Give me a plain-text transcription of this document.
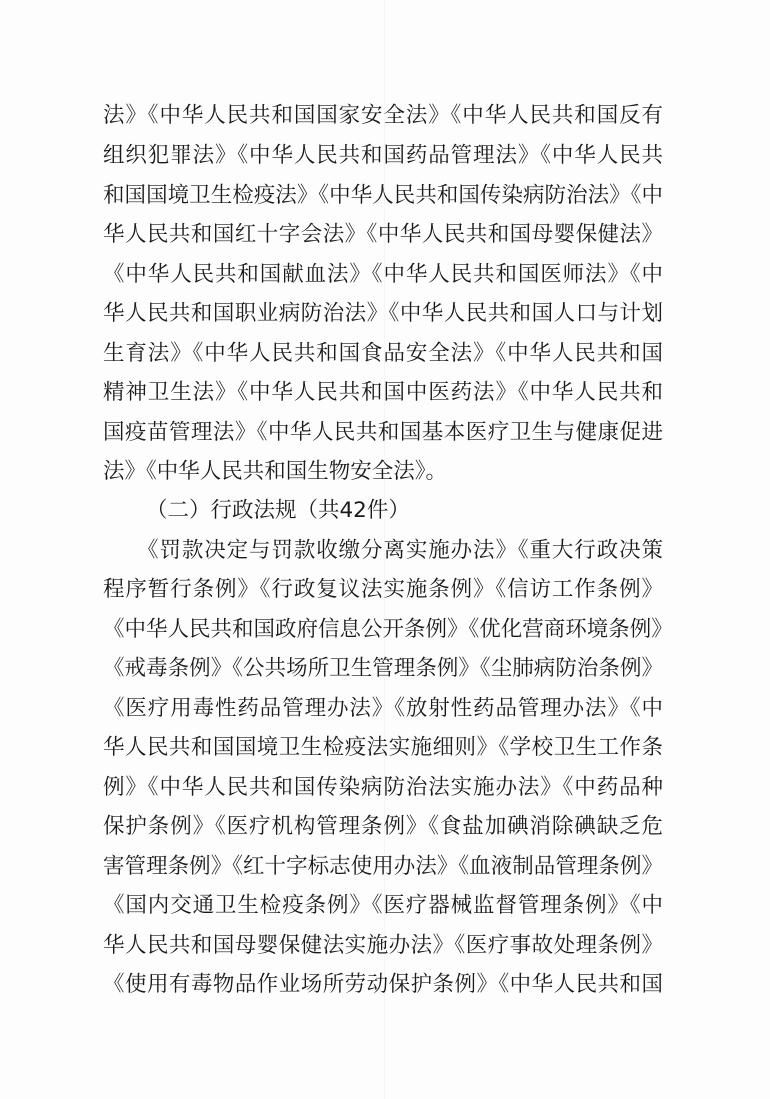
法》《中华人民共和国国家安全法》《中华人民共和国反有
组织犯罪法》《中华人民共和国药品管理法》《中华人民共
和国国境卫生检疫法》《中华人民共和国传染病防治法》《中
华人民共和国红十字会法》《中华人民共和国母婴保健法》
《中华人民共和国献血法》《中华人民共和国医师法》《中
华人民共和国职业病防治法》《中华人民共和国人口与计划
生育法》《中华人民共和国食品安全法》《中华人民共和国
精神卫生法》《中华人民共和国中医药法》《中华人民共和
国疫苗管理法》《中华人民共和国基本医疗卫生与健康促进
法》《中华人民共和国生物安全法》。
（二）行政法规（共42件）
　　《罚款决定与罚款收缴分离实施办法》《重大行政决策
程序暂行条例》《行政复议法实施条例》《信访工作条例》
《中华人民共和国政府信息公开条例》《优化营商环境条例》
《戒毒条例》《公共场所卫生管理条例》《尘肺病防治条例》
《医疗用毒性药品管理办法》《放射性药品管理办法》《中
华人民共和国国境卫生检疫法实施细则》《学校卫生工作条
例》《中华人民共和国传染病防治法实施办法》《中药品种
保护条例》《医疗机构管理条例》《食盐加碘消除碘缺乏危
害管理条例》《红十字标志使用办法》《血液制品管理条例》
《国内交通卫生检疫条例》《医疗器械监督管理条例》《中
华人民共和国母婴保健法实施办法》《医疗事故处理条例》
《使用有毒物品作业场所劳动保护条例》《中华人民共和国
